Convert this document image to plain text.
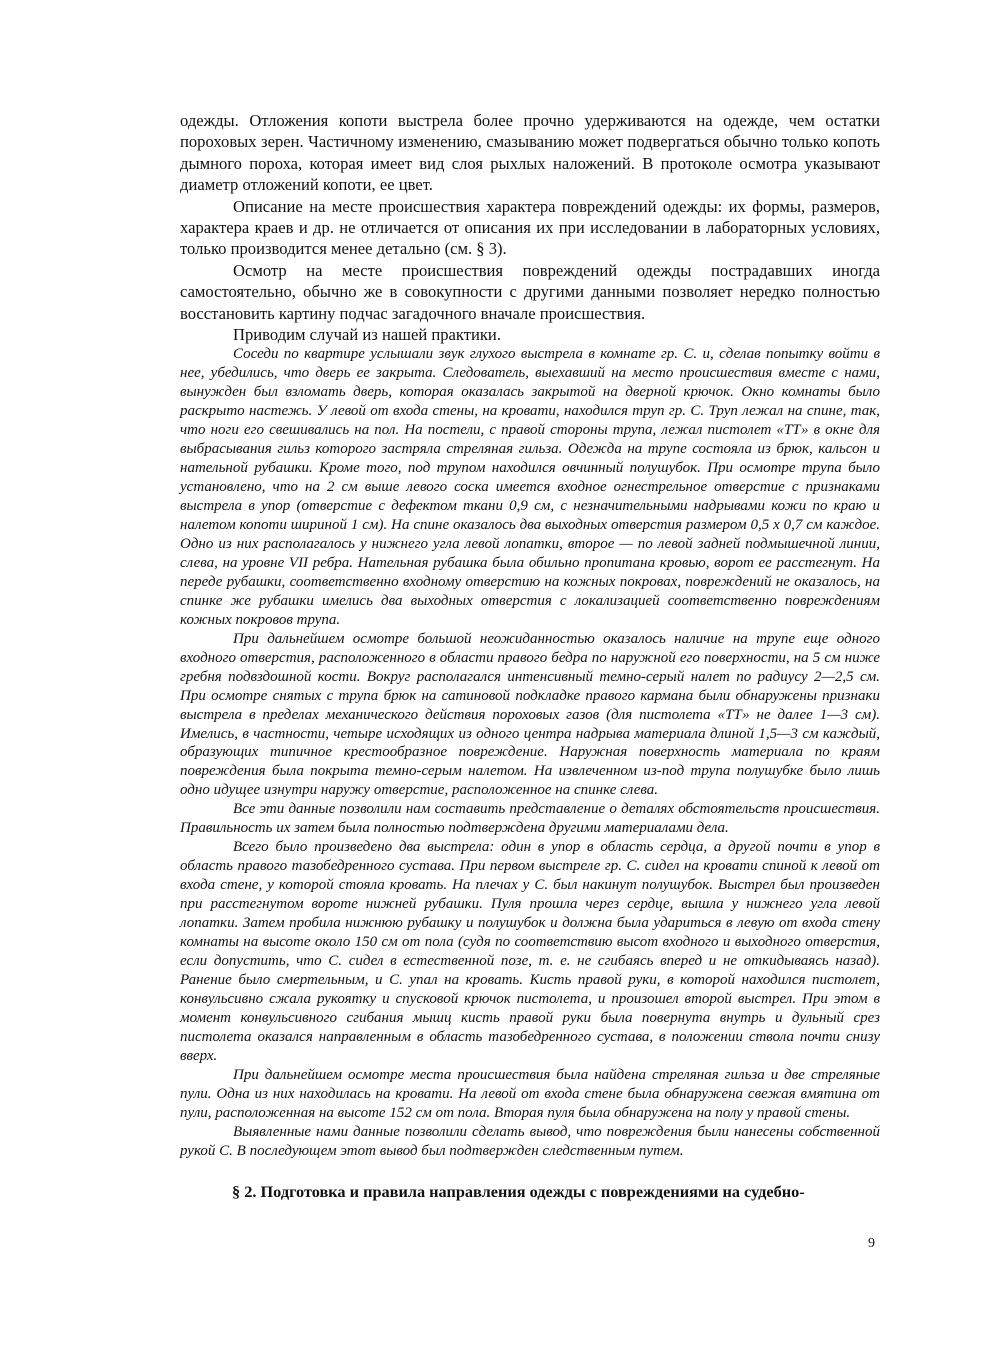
одежды. Отложения копоти выстрела более прочно удерживаются на одежде, чем остатки пороховых зерен. Частичному изменению, смазыванию может подвергаться обычно только копоть дымного пороха, которая имеет вид слоя рыхлых наложений. В протоколе осмотра указывают диаметр отложений копоти, ее цвет.

Описание на месте происшествия характера повреждений одежды: их формы, размеров, характера краев и др. не отличается от описания их при исследовании в лабораторных условиях, только производится менее детально (см. § 3).

Осмотр на месте происшествия повреждений одежды пострадавших иногда самостоятельно, обычно же в совокупности с другими данными позволяет нередко полностью восстановить картину подчас загадочного вначале происшествия.

Приводим случай из нашей практики.

Соседи по квартире услышали звук глухого выстрела в комнате гр. С. и, сделав попытку войти в нее, убедились, что дверь ее закрыта. Следователь, выехавший на место происшествия вместе с нами, вынужден был взломать дверь, которая оказалась закрытой на дверной крючок. Окно комнаты было раскрыто настежь. У левой от входа стены, на кровати, находился труп гр. С. Труп лежал на спине, так, что ноги его свешивались на пол. На постели, с правой стороны трупа, лежал пистолет «ТТ» в окне для выбрасывания гильз которого застряла стреляная гильза. Одежда на трупе состояла из брюк, кальсон и нательной рубашки. Кроме того, под трупом находился овчинный полушубок. При осмотре трупа было установлено, что на 2 см выше левого соска имеется входное огнестрельное отверстие с признаками выстрела в упор (отверстие с дефектом ткани 0,9 см, с незначительными надрывами кожи по краю и налетом копоти шириной 1 см). На спине оказалось два выходных отверстия размером 0,5 х 0,7 см каждое. Одно из них располагалось у нижнего угла левой лопатки, второе — по левой задней подмышечной линии, слева, на уровне VII ребра. Нательная рубашка была обильно пропитана кровью, ворот ее расстегнут. На переде рубашки, соответственно входному отверстию на кожных покровах, повреждений не оказалось, на спинке же рубашки имелись два выходных отверстия с локализацией соответственно повреждениям кожных покровов трупа.

При дальнейшем осмотре большой неожиданностью оказалось наличие на трупе еще одного входного отверстия, расположенного в области правого бедра по наружной его поверхности, на 5 см ниже гребня подвздошной кости. Вокруг располагался интенсивный темно-серый налет по радиусу 2—2,5 см. При осмотре снятых с трупа брюк на сатиновой подкладке правого кармана были обнаружены признаки выстрела в пределах механического действия пороховых газов (для пистолета «ТТ» не далее 1—3 см). Имелись, в частности, четыре исходящих из одного центра надрыва материала длиной 1,5—3 см каждый, образующих типичное крестообразное повреждение. Наружная поверхность материала по краям повреждения была покрыта темно-серым налетом. На извлеченном из-под трупа полушубке было лишь одно идущее изнутри наружу отверстие, расположенное на спинке слева.

Все эти данные позволили нам составить представление о деталях обстоятельств происшествия. Правильность их затем была полностью подтверждена другими материалами дела.

Всего было произведено два выстрела: один в упор в область сердца, а другой почти в упор в область правого тазобедренного сустава. При первом выстреле гр. С. сидел на кровати спиной к левой от входа стене, у которой стояла кровать. На плечах у С. был накинут полушубок. Выстрел был произведен при расстегнутом вороте нижней рубашки. Пуля прошла через сердце, вышла у нижнего угла левой лопатки. Затем пробила нижнюю рубашку и полушубок и должна была удариться в левую от входа стену комнаты на высоте около 150 см от пола (судя по соответствию высот входного и выходного отверстия, если допустить, что С. сидел в естественной позе, т. е. не сгибаясь вперед и не откидываясь назад). Ранение было смертельным, и С. упал на кровать. Кисть правой руки, в которой находился пистолет, конвульсивно сжала рукоятку и спусковой крючок пистолета, и произошел второй выстрел. При этом в момент конвульсивного сгибания мышц кисть правой руки была повернута внутрь и дульный срез пистолета оказался направленным в область тазобедренного сустава, в положении ствола почти снизу вверх.

При дальнейшем осмотре места происшествия была найдена стреляная гильза и две стреляные пули. Одна из них находилась на кровати. На левой от входа стене была обнаружена свежая вмятина от пули, расположенная на высоте 152 см от пола. Вторая пуля была обнаружена на полу у правой стены.

Выявленные нами данные позволили сделать вывод, что повреждения были нанесены собственной рукой С. В последующем этот вывод был подтвержден следственным путем.

§ 2. Подготовка и правила направления одежды с повреждениями на судебно-

9
